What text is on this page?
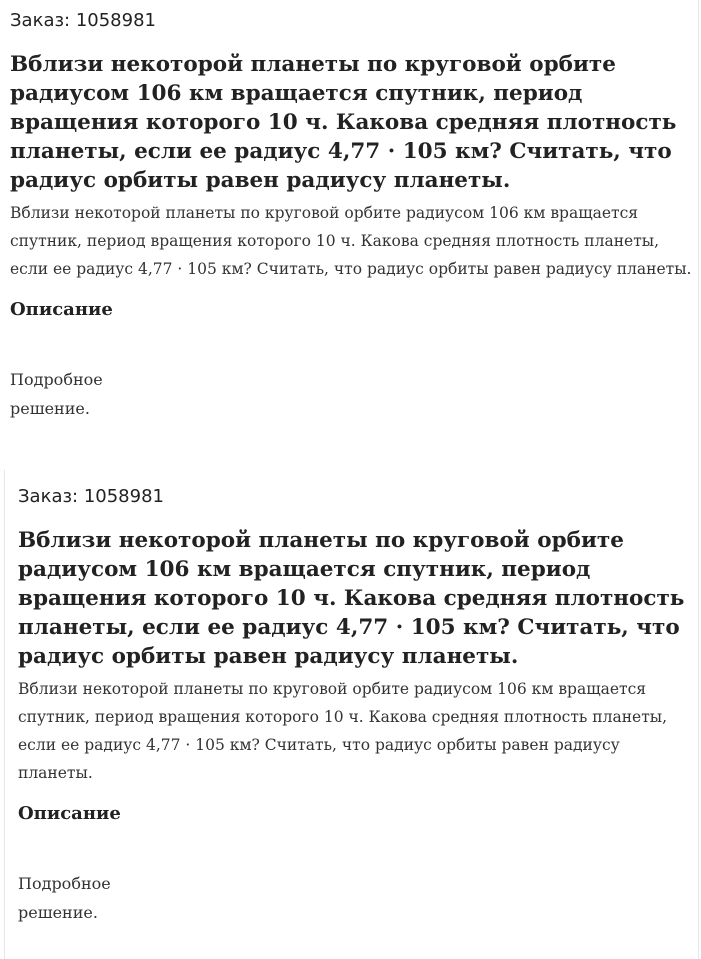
Заказ: 1058981

Вблизи некоторой планеты по круговой орбите радиусом 106 км вращается спутник, период вращения которого 10 ч. Какова средняя плотность планеты, если ее радиус 4,77 · 105 км? Считать, что радиус орбиты равен радиусу планеты.

Вблизи некоторой планеты по круговой орбите радиусом 106 км вращается спутник, период вращения которого 10 ч. Какова средняя плотность планеты, если ее радиус 4,77 · 105 км? Считать, что радиус орбиты равен радиусу планеты.

Описание

Подробное решение.

Заказ: 1058981

Вблизи некоторой планеты по круговой орбите радиусом 106 км вращается спутник, период вращения которого 10 ч. Какова средняя плотность планеты, если ее радиус 4,77 · 105 км? Считать, что радиус орбиты равен радиусу планеты.

Вблизи некоторой планеты по круговой орбите радиусом 106 км вращается спутник, период вращения которого 10 ч. Какова средняя плотность планеты, если ее радиус 4,77 · 105 км? Считать, что радиус орбиты равен радиусу планеты.

Описание

Подробное решение.
